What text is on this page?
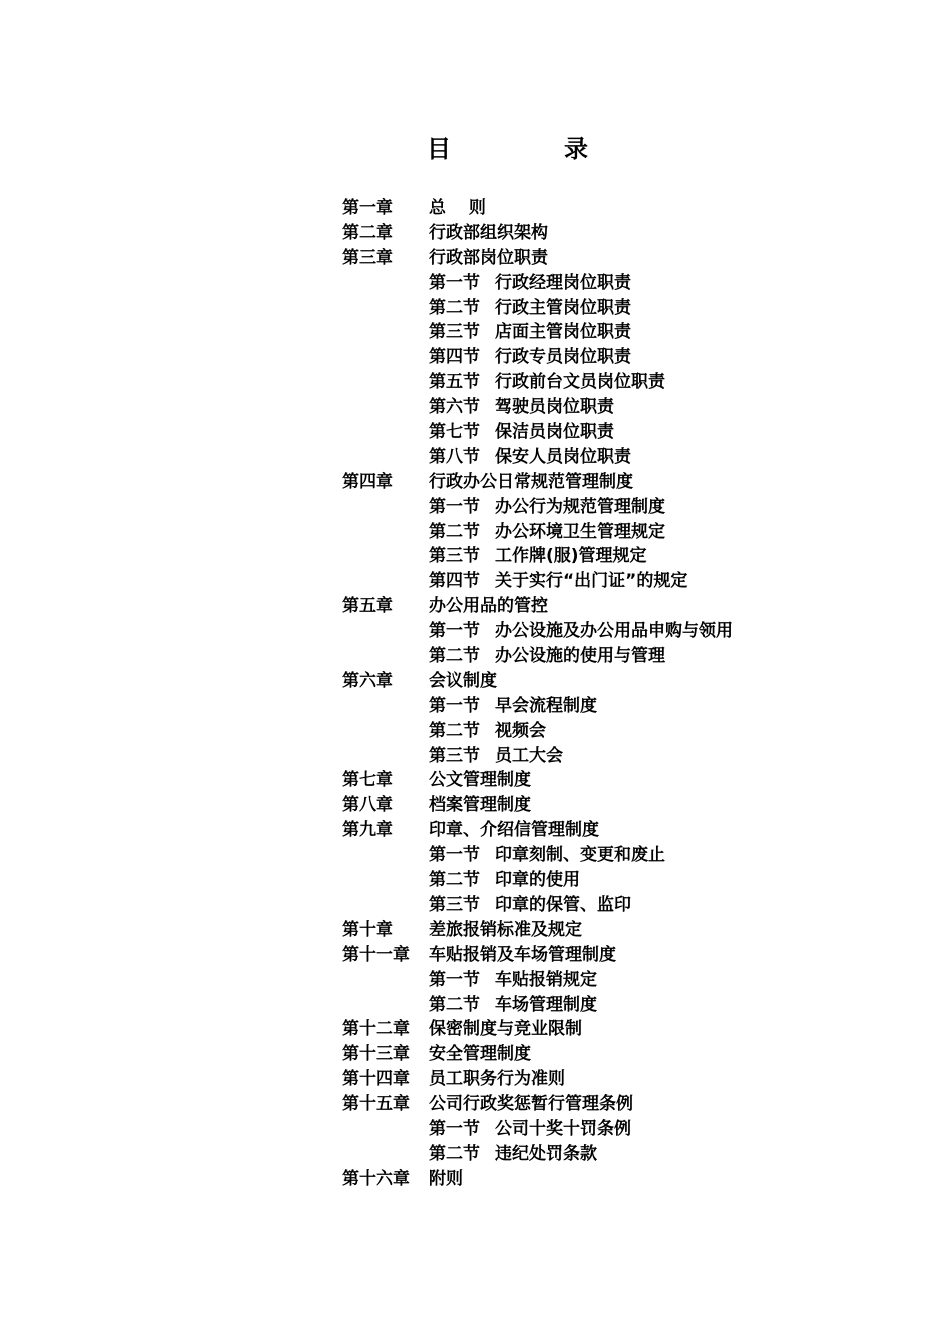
目	录
第一章 总　 则
第二章 行政部组织架构
第三章 行政部岗位职责
第一节 行政经理岗位职责
第二节 行政主管岗位职责
第三节 店面主管岗位职责
第四节 行政专员岗位职责
第五节 行政前台文员岗位职责
第六节 驾驶员岗位职责
第七节 保洁员岗位职责
第八节 保安人员岗位职责
第四章 行政办公日常规范管理制度
第一节 办公行为规范管理制度
第二节 办公环境卫生管理规定
第三节 工作牌(服)管理规定
第四节 关于实行“出门证”的规定
第五章 办公用品的管控
第一节 办公设施及办公用品申购与领用
第二节 办公设施的使用与管理
第六章 会议制度
第一节 早会流程制度
第二节 视频会
第三节 员工大会
第七章 公文管理制度
第八章 档案管理制度
第九章 印章、介绍信管理制度
第一节 印章刻制、变更和废止
第二节 印章的使用
第三节 印章的保管、监印
第十章 差旅报销标准及规定
第十一章 车贴报销及车场管理制度
第一节 车贴报销规定
第二节 车场管理制度
第十二章 保密制度与竞业限制
第十三章 安全管理制度
第十四章 员工职务行为准则
第十五章 公司行政奖惩暂行管理条例
第一节 公司十奖十罚条例
第二节 违纪处罚条款
第十六章 附则
